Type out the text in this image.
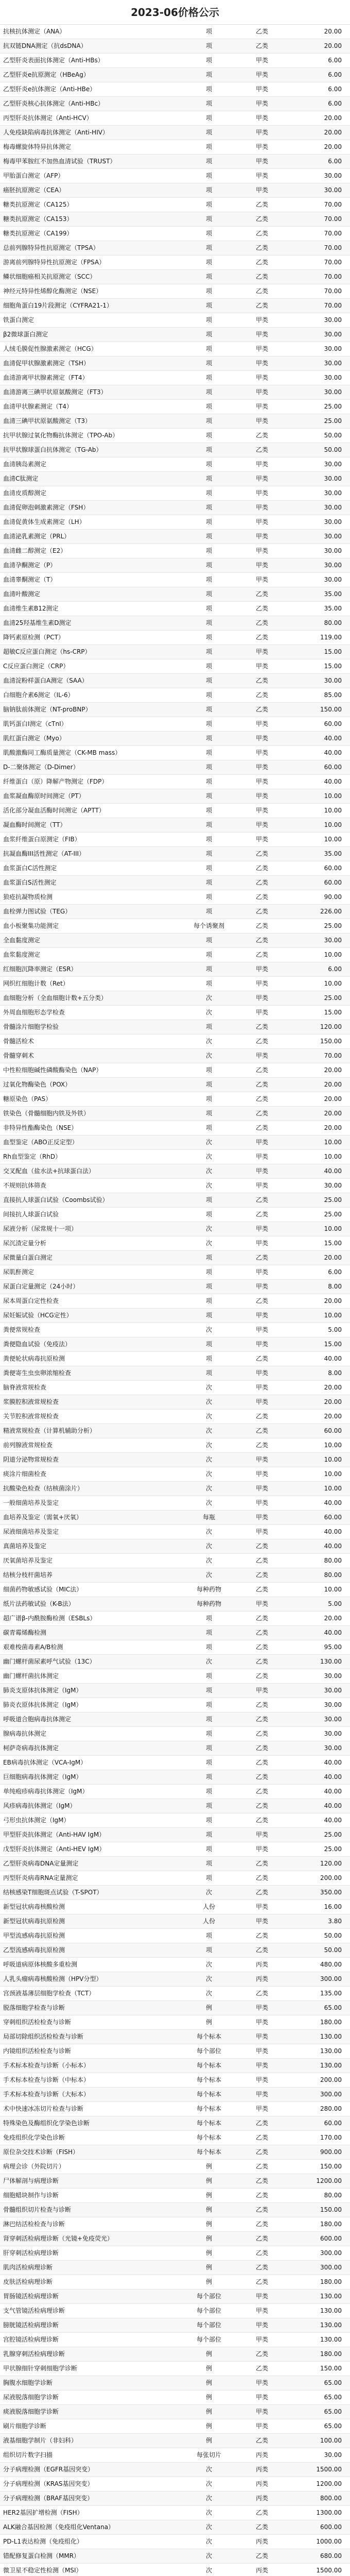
2023-06价格公示
抗核抗体测定（ANA）	项	乙类	20.00
抗双链DNA测定（抗dsDNA）	项	乙类	20.00
乙型肝炎表面抗体测定（Anti-HBs）	项	甲类	6.00
乙型肝炎e抗原测定（HBeAg）	项	甲类	6.00
乙型肝炎e抗体测定（Anti-HBe）	项	甲类	6.00
乙型肝炎核心抗体测定（Anti-HBc）	项	甲类	6.00
丙型肝炎抗体测定（Anti-HCV）	项	甲类	20.00
人免疫缺陷病毒抗体测定（Anti-HIV）	项	甲类	20.00
梅毒螺旋体特异抗体测定	项	甲类	20.00
梅毒甲苯胺红不加热血清试验（TRUST）	项	甲类	6.00
甲胎蛋白测定（AFP）	项	甲类	30.00
癌胚抗原测定（CEA）	项	甲类	30.00
糖类抗原测定（CA125）	项	乙类	70.00
糖类抗原测定（CA153）	项	乙类	70.00
糖类抗原测定（CA199）	项	乙类	70.00
总前列腺特异性抗原测定（TPSA）	项	乙类	70.00
游离前列腺特异性抗原测定（FPSA）	项	乙类	70.00
鳞状细胞癌相关抗原测定（SCC）	项	乙类	70.00
神经元特异性烯醇化酶测定（NSE）	项	乙类	70.00
细胞角蛋白19片段测定（CYFRA21-1）	项	乙类	70.00
铁蛋白测定	项	甲类	30.00
β2微球蛋白测定	项	甲类	30.00
人绒毛膜促性腺激素测定（HCG）	项	甲类	30.00
血清促甲状腺激素测定（TSH）	项	甲类	30.00
血清游离甲状腺素测定（FT4）	项	甲类	30.00
血清游离三碘甲状原氨酸测定（FT3）	项	甲类	30.00
血清甲状腺素测定（T4）	项	甲类	25.00
血清三碘甲状原氨酸测定（T3）	项	甲类	25.00
抗甲状腺过氧化物酶抗体测定（TPO-Ab）	项	乙类	50.00
抗甲状腺球蛋白抗体测定（TG-Ab）	项	乙类	50.00
血清胰岛素测定	项	甲类	30.00
血清C肽测定	项	甲类	30.00
血清皮质醇测定	项	甲类	30.00
血清促卵泡刺激素测定（FSH）	项	甲类	30.00
血清促黄体生成素测定（LH）	项	甲类	30.00
血清泌乳素测定（PRL）	项	甲类	30.00
血清雌二醇测定（E2）	项	甲类	30.00
血清孕酮测定（P）	项	甲类	30.00
血清睾酮测定（T）	项	甲类	30.00
血清叶酸测定	项	乙类	35.00
血清维生素B12测定	项	乙类	35.00
血清25羟基维生素D测定	项	乙类	80.00
降钙素原检测（PCT）	项	乙类	119.00
超敏C反应蛋白测定（hs-CRP）	项	甲类	15.00
C反应蛋白测定（CRP）	项	甲类	15.00
血清淀粉样蛋白A测定（SAA）	项	乙类	30.00
白细胞介素6测定（IL-6）	项	乙类	85.00
脑钠肽前体测定（NT-proBNP）	项	乙类	150.00
肌钙蛋白I测定（cTnI）	项	甲类	60.00
肌红蛋白测定（Myo）	项	甲类	40.00
肌酸激酶同工酶质量测定（CK-MB mass）	项	甲类	40.00
D-二聚体测定（D-Dimer）	项	甲类	60.00
纤维蛋白（原）降解产物测定（FDP）	项	甲类	40.00
血浆凝血酶原时间测定（PT）	项	甲类	10.00
活化部分凝血活酶时间测定（APTT）	项	甲类	10.00
凝血酶时间测定（TT）	项	甲类	10.00
血浆纤维蛋白原测定（FIB）	项	甲类	10.00
抗凝血酶III活性测定（AT-III）	项	乙类	35.00
血浆蛋白C活性测定	项	乙类	60.00
血浆蛋白S活性测定	项	乙类	60.00
狼疮抗凝物质检测	项	乙类	90.00
血栓弹力图试验（TEG）	项	乙类	226.00
血小板聚集功能测定	每个诱聚剂	乙类	25.00
全血黏度测定	项	乙类	30.00
血浆黏度测定	项	乙类	10.00
红细胞沉降率测定（ESR）	项	甲类	6.00
网织红细胞计数（Ret）	项	甲类	10.00
血细胞分析（全血细胞计数+五分类）	次	甲类	25.00
外周血细胞形态学检查	次	甲类	15.00
骨髓涂片细胞学检验	项	乙类	120.00
骨髓活检术	次	乙类	150.00
骨髓穿刺术	次	甲类	70.00
中性粒细胞碱性磷酸酶染色（NAP）	项	乙类	20.00
过氧化物酶染色（POX）	项	乙类	20.00
糖原染色（PAS）	项	乙类	20.00
铁染色（骨髓细胞内铁及外铁）	项	乙类	20.00
非特异性酯酶染色（NSE）	项	乙类	20.00
血型鉴定（ABO正反定型）	次	甲类	10.00
Rh血型鉴定（RhD）	次	甲类	10.00
交叉配血（盐水法+抗球蛋白法）	次	甲类	40.00
不规则抗体筛查	次	甲类	30.00
直接抗人球蛋白试验（Coombs试验）	项	乙类	25.00
间接抗人球蛋白试验	项	乙类	25.00
尿液分析（尿常规十一项）	次	甲类	10.00
尿沉渣定量分析	次	甲类	15.00
尿微量白蛋白测定	项	乙类	20.00
尿肌酐测定	项	甲类	6.00
尿蛋白定量测定（24小时）	项	甲类	8.00
尿本周蛋白定性检查	项	乙类	20.00
尿妊娠试验（HCG定性）	项	甲类	10.00
粪便常规检查	次	甲类	5.00
粪便隐血试验（免疫法）	项	甲类	15.00
粪便轮状病毒抗原检测	项	乙类	40.00
粪便寄生虫虫卵浓缩检查	项	甲类	8.00
脑脊液常规检查	次	甲类	20.00
浆膜腔积液常规检查	次	甲类	20.00
关节腔积液常规检查	次	乙类	20.00
精液常规检查（计算机辅助分析）	次	乙类	60.00
前列腺液常规检查	次	乙类	10.00
阴道分泌物常规检查	次	甲类	10.00
痰涂片细菌检查	次	甲类	10.00
抗酸染色检查（结核菌涂片）	次	甲类	10.00
一般细菌培养及鉴定	次	甲类	40.00
血培养及鉴定（需氧+厌氧）	每瓶	甲类	60.00
尿液细菌培养及鉴定	次	甲类	40.00
真菌培养及鉴定	次	乙类	40.00
厌氧菌培养及鉴定	次	乙类	80.00
结核分枝杆菌培养	次	乙类	80.00
细菌药物敏感试验（MIC法）	每种药物	乙类	10.00
纸片法药敏试验（K-B法）	每种药物	甲类	5.00
超广谱β-内酰胺酶检测（ESBLs）	项	乙类	20.00
碳青霉烯酶检测	项	乙类	40.00
艰难梭菌毒素A/B检测	项	乙类	95.00
幽门螺杆菌尿素呼气试验（13C）	次	乙类	130.00
幽门螺杆菌抗体测定	项	乙类	30.00
肺炎支原体抗体测定（IgM）	项	甲类	30.00
肺炎衣原体抗体测定（IgM）	项	乙类	30.00
呼吸道合胞病毒抗体测定	项	乙类	30.00
腺病毒抗体测定	项	乙类	30.00
柯萨奇病毒抗体测定	项	乙类	30.00
EB病毒抗体测定（VCA-IgM）	项	乙类	40.00
巨细胞病毒抗体测定（IgM）	项	乙类	40.00
单纯疱疹病毒抗体测定（IgM）	项	乙类	40.00
风疹病毒抗体测定（IgM）	项	乙类	40.00
弓形虫抗体测定（IgM）	项	乙类	40.00
甲型肝炎抗体测定（Anti-HAV IgM）	项	甲类	25.00
戊型肝炎抗体测定（Anti-HEV IgM）	项	甲类	25.00
乙型肝炎病毒DNA定量测定	项	乙类	120.00
丙型肝炎病毒RNA定量测定	项	乙类	200.00
结核感染T细胞斑点试验（T-SPOT）	次	乙类	350.00
新型冠状病毒核酸检测	人份	甲类	16.00
新型冠状病毒抗原检测	人份	甲类	3.80
甲型流感病毒抗原检测	项	乙类	50.00
乙型流感病毒抗原检测	项	乙类	50.00
呼吸道病原体核酸多重检测	次	丙类	480.00
人乳头瘤病毒核酸检测（HPV分型）	次	丙类	300.00
宫颈液基薄层细胞学检查（TCT）	次	乙类	135.00
脱落细胞学检查与诊断	例	甲类	65.00
穿刺组织活检检查与诊断	例	甲类	180.00
局部切除组织活检检查与诊断	每个标本	甲类	130.00
内镜组织活检检查与诊断	每个部位	甲类	130.00
手术标本检查与诊断（小标本）	每个标本	甲类	130.00
手术标本检查与诊断（中标本）	每个标本	甲类	200.00
手术标本检查与诊断（大标本）	每个标本	甲类	300.00
术中快速冰冻切片检查与诊断	每个标本	甲类	280.00
特殊染色及酶组织化学染色诊断	每个标本	乙类	60.00
免疫组织化学染色诊断	每个标本	乙类	170.00
原位杂交技术诊断（FISH）	每个标本	乙类	900.00
病理会诊（外院切片）	例	乙类	150.00
尸体解剖与病理诊断	例	乙类	1200.00
细胞蜡块制作与诊断	例	乙类	80.00
骨髓组织切片检查与诊断	例	乙类	150.00
淋巴结活检检查与诊断	例	乙类	180.00
肾穿刺活检病理诊断（光镜+免疫荧光）	例	乙类	600.00
肝穿刺活检病理诊断	例	乙类	300.00
肌肉活检病理诊断	例	乙类	300.00
皮肤活检病理诊断	例	乙类	180.00
胃肠镜活检病理诊断	每个部位	甲类	130.00
支气管镜活检病理诊断	每个部位	甲类	130.00
膀胱镜活检病理诊断	每个部位	甲类	130.00
宫腔镜活检病理诊断	每个部位	甲类	130.00
乳腺穿刺活检病理诊断	例	乙类	180.00
甲状腺细针穿刺细胞学诊断	例	乙类	150.00
胸腹水细胞学诊断	例	甲类	65.00
尿液脱落细胞学诊断	例	甲类	65.00
痰液脱落细胞学诊断	例	甲类	65.00
刷片细胞学诊断	例	甲类	65.00
液基细胞学制片（非妇科）	例	乙类	100.00
组织切片数字扫描	每张切片	丙类	30.00
分子病理检测（EGFR基因突变）	次	丙类	1500.00
分子病理检测（KRAS基因突变）	次	丙类	1200.00
分子病理检测（BRAF基因突变）	次	丙类	800.00
HER2基因扩增检测（FISH）	次	乙类	1300.00
ALK融合基因检测（免疫组化Ventana）	次	乙类	600.00
PD-L1表达检测（免疫组化）	次	丙类	1000.00
错配修复蛋白检测（MMR）	次	乙类	680.00
微卫星不稳定性检测（MSI）	次	丙类	1500.00
